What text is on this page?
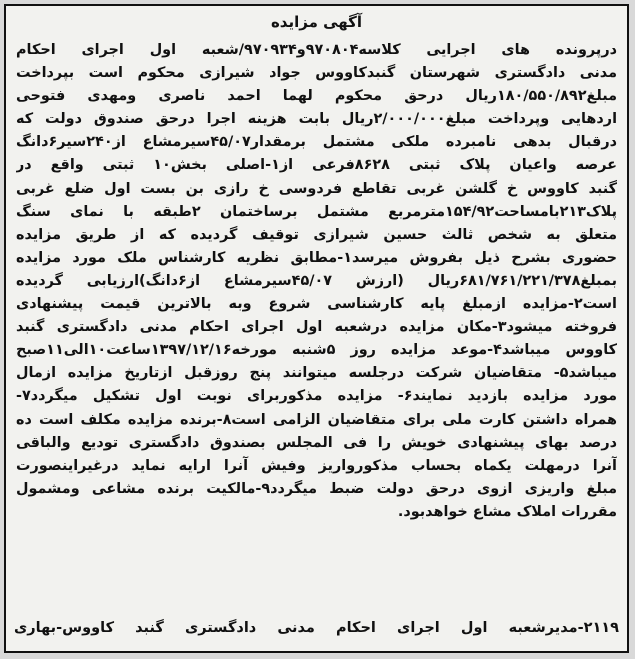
آگهی مزایده
درپرونده های اجرایی کلاسه۹۷۰۸۰۴و۹۷۰۹۳۴/شعبه اول اجرای احکام
مدنی دادگستری شهرستان گنبدکاووس جواد شیرازی محکوم است بپرداخت
مبلغ۱۸۰/۵۵۰/۸۹۲ریال درحق محکوم لهما احمد ناصری ومهدی فتوحی
اردهایی وپرداخت مبلغ۲/۰۰۰/۰۰۰ریال بابت هزینه اجرا درحق صندوق دولت که
درقبال بدهی نامبرده ملکی مشتمل برمقدار۴۵/۰۷سیرمشاع از۲۴۰سیر۶دانگ
عرصه واعیان پلاک ثبتی ۸۶۲۸فرعی از۱-اصلی بخش۱۰ ثبتی واقع در
گنبد کاووس خ گلشن غربی تقاطع فردوسی خ رازی بن بست اول ضلع غربی
پلاک۲۱۳بامساحت۱۵۴/۹۲مترمربع مشتمل برساختمان ۲طبقه با نمای سنگ
متعلق به شخص ثالث حسین شیرازی توقیف گردیده که از طریق مزایده
حضوری بشرح ذیل بفروش میرسد۱-مطابق نظریه کارشناس ملک مورد مزایده
بمبلغ۶۸۱/۷۶۱/۲۲۱/۳۷۸ریال (ارزش ۴۵/۰۷سیرمشاع از۶دانگ)ارزیابی گردیده
است۲-مزایده ازمبلغ پایه کارشناسی شروع وبه بالاترین قیمت پیشنهادی
فروخته میشود۳-مکان مزایده درشعبه اول اجرای احکام مدنی دادگستری گنبد
کاووس میباشد۴-موعد مزایده روز ۵شنبه مورخه۱۳۹۷/۱۲/۱۶ساعت۱۰الی۱۱صبح
میباشد۵- متقاضیان شرکت درجلسه میتوانند پنج روزقبل ازتاریخ مزایده ازمال
مورد مزایده بازدید نمایند۶- مزایده مذکوربرای نوبت اول تشکیل میگردد۷-
همراه داشتن کارت ملی برای متقاضیان الزامی است۸-برنده مزایده مکلف است ده
درصد بهای پیشنهادی خویش را فی المجلس بصندوق دادگستری تودیع والباقی
آنرا درمهلت یکماه بحساب مذکورواریز وفیش آنرا ارایه نماید درغیراینصورت
مبلغ واریزی ازوی درحق دولت ضبط میگردد۹-مالکیت برنده مشاعی ومشمول
مقررات املاک مشاع خواهدبود.
۲۱۱۹-مدیرشعبه اول اجرای احکام مدنی دادگستری گنبد کاووس-بهاری
